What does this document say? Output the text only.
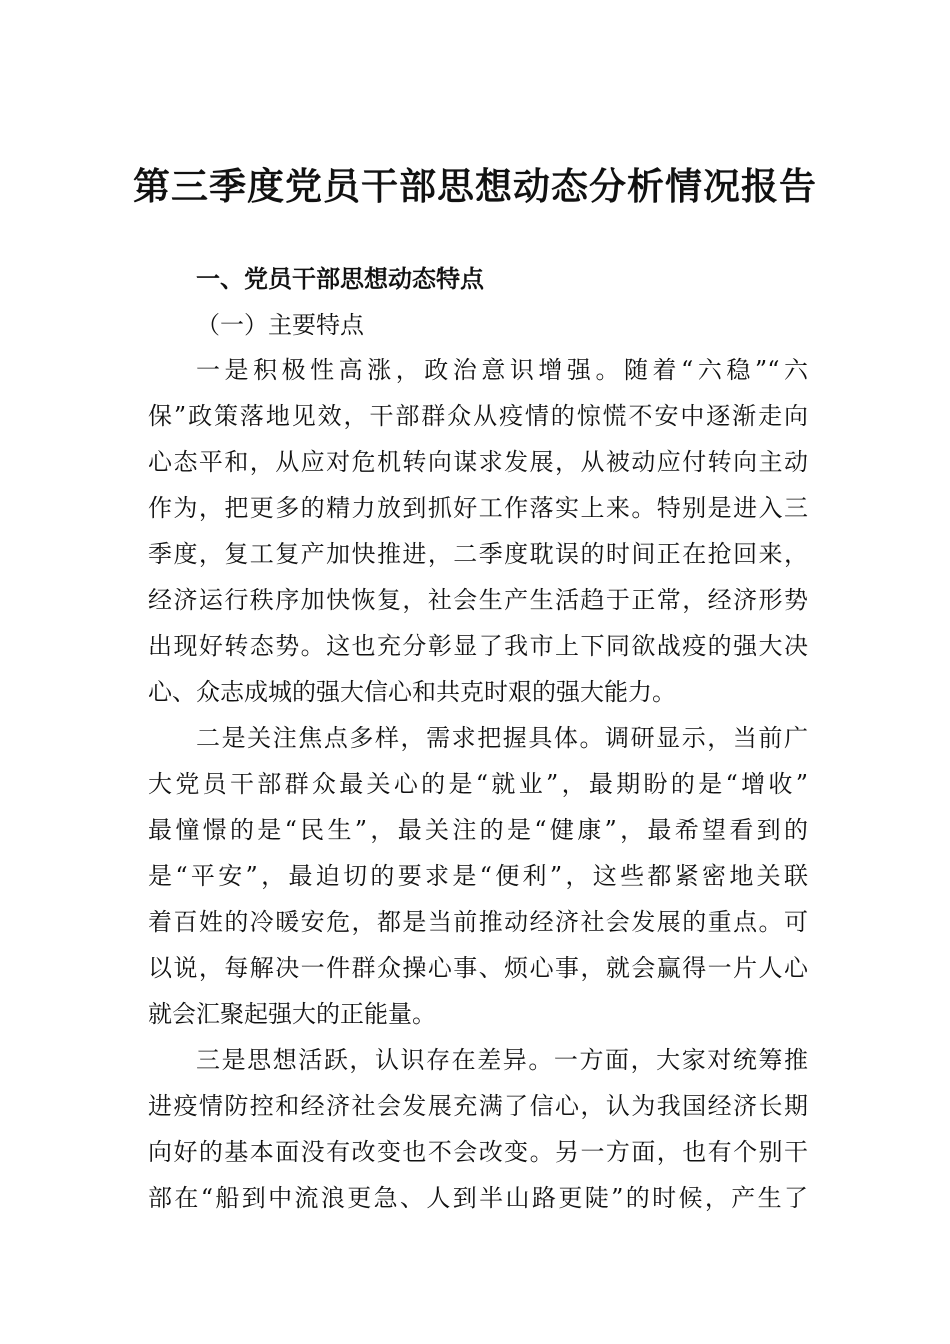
第三季度党员干部思想动态分析情况报告
一、党员干部思想动态特点
（一）主要特点
一是积极性高涨，政治意识增强。随着“六稳”“六
保”政策落地见效，干部群众从疫情的惊慌不安中逐渐走向
心态平和，从应对危机转向谋求发展，从被动应付转向主动
作为，把更多的精力放到抓好工作落实上来。特别是进入三
季度，复工复产加快推进，二季度耽误的时间正在抢回来，
经济运行秩序加快恢复，社会生产生活趋于正常，经济形势
出现好转态势。这也充分彰显了我市上下同欲战疫的强大决
心、众志成城的强大信心和共克时艰的强大能力。
二是关注焦点多样，需求把握具体。调研显示，当前广
大党员干部群众最关心的是“就业”，最期盼的是“增收”
最憧憬的是“民生”，最关注的是“健康”，最希望看到的
是“平安”，最迫切的要求是“便利”，这些都紧密地关联
着百姓的冷暖安危，都是当前推动经济社会发展的重点。可
以说，每解决一件群众操心事、烦心事，就会赢得一片人心
就会汇聚起强大的正能量。
三是思想活跃，认识存在差异。一方面，大家对统筹推
进疫情防控和经济社会发展充满了信心，认为我国经济长期
向好的基本面没有改变也不会改变。另一方面，也有个别干
部在“船到中流浪更急、人到半山路更陡”的时候，产生了
